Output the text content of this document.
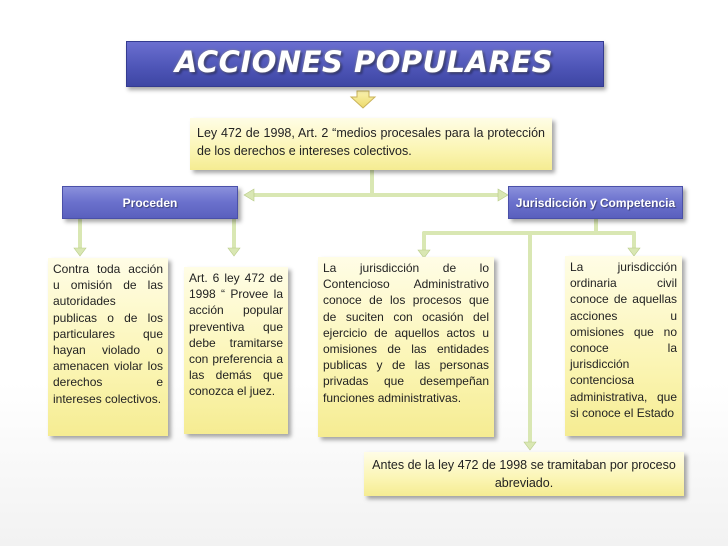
ACCIONES POPULARES
Ley 472 de 1998, Art. 2 “medios procesales para la protección de los derechos e intereses colectivos.
Proceden	Jurisdicción y Competencia
Contra toda acción u omisión de las autoridades publicas o de los particulares que hayan violado o amenacen violar los derechos e intereses colectivos.
Art. 6 ley 472 de 1998 “ Provee la acción popular preventiva que debe tramitarse con preferencia a las demás que conozca el juez.
La jurisdicción de lo Contencioso Administrativo conoce de los procesos que de suciten con ocasión del ejercicio de aquellos actos u omisiones de las entidades publicas y de las personas privadas que desempeñan funciones administrativas.
La jurisdicción ordinaria civil conoce de aquellas acciones u omisiones que no conoce la jurisdicción contenciosa administrativa, que si conoce el Estado
Antes de la ley 472 de 1998 se tramitaban por proceso abreviado.
